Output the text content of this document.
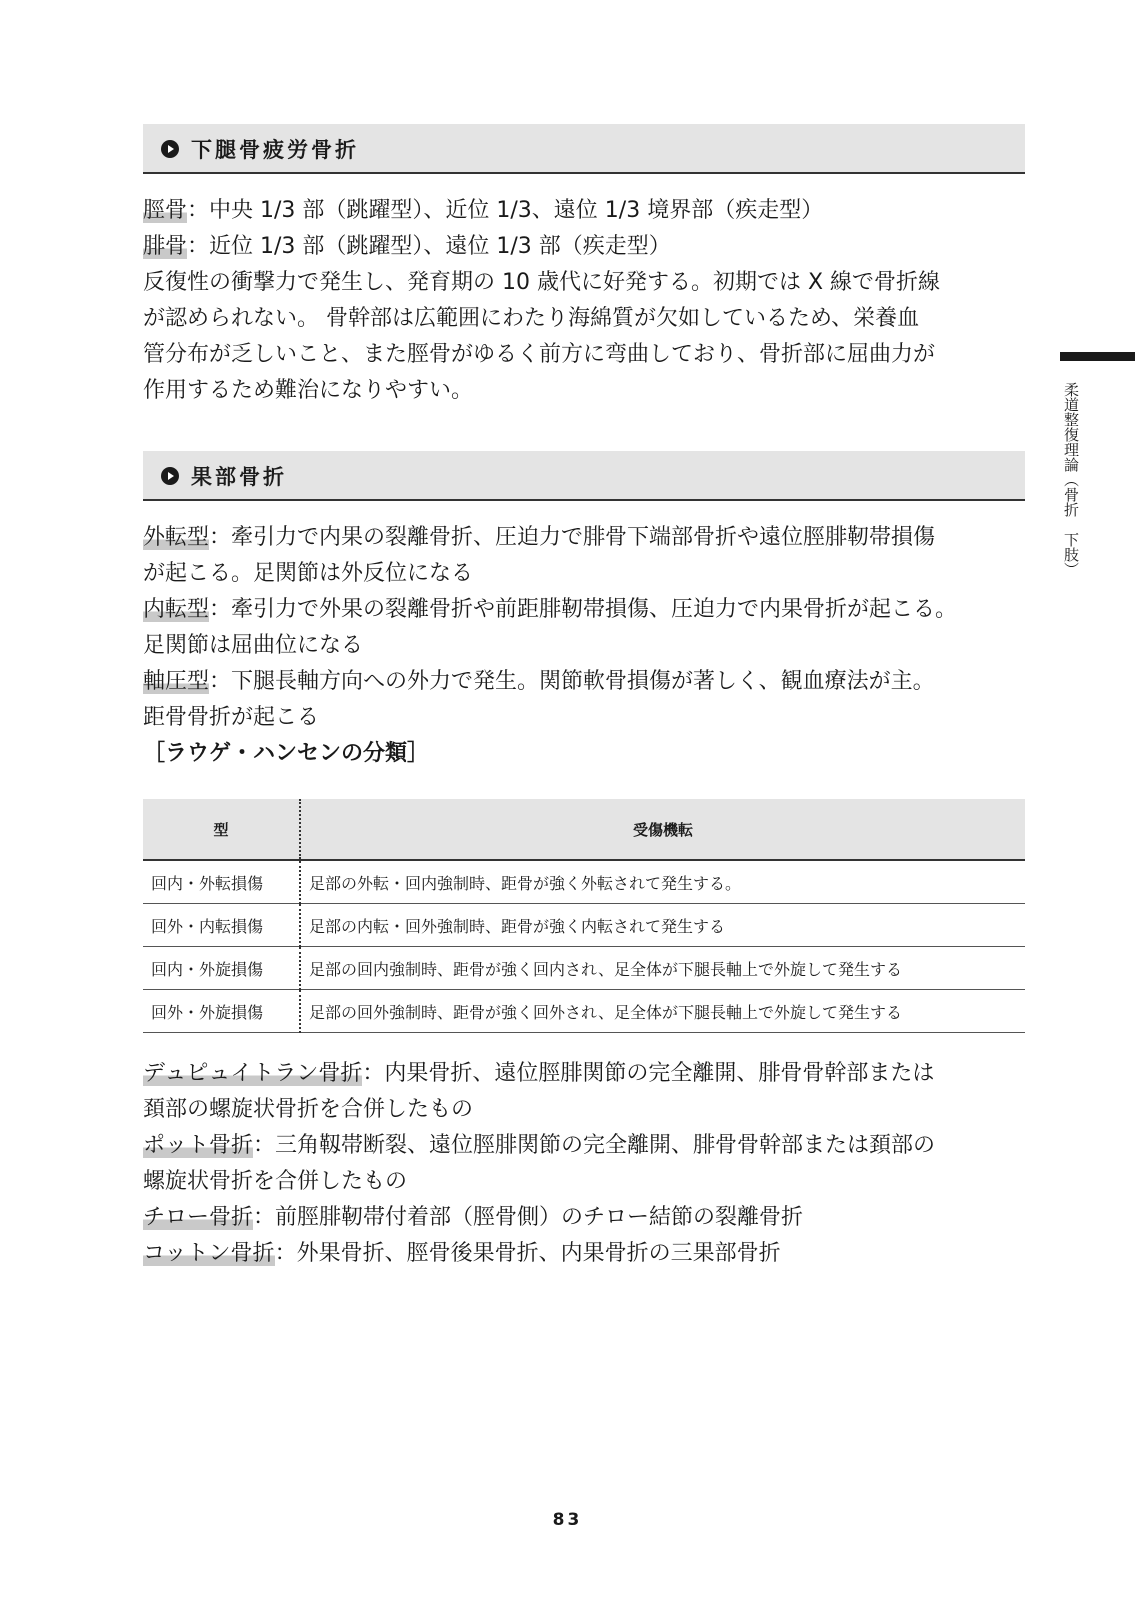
下腿骨疲労骨折
脛骨：中央 1/3 部（跳躍型）、近位 1/3、遠位 1/3 境界部（疾走型）
腓骨：近位 1/3 部（跳躍型）、遠位 1/3 部（疾走型）
反復性の衝撃力で発生し、発育期の 10 歳代に好発する。初期では X 線で骨折線
が認められない。 骨幹部は広範囲にわたり海綿質が欠如しているため、栄養血
管分布が乏しいこと、また脛骨がゆるく前方に弯曲しており、骨折部に屈曲力が
作用するため難治になりやすい。
果部骨折
外転型：牽引力で内果の裂離骨折、圧迫力で腓骨下端部骨折や遠位脛腓靭帯損傷
が起こる。足関節は外反位になる
内転型：牽引力で外果の裂離骨折や前距腓靭帯損傷、圧迫力で内果骨折が起こる。
足関節は屈曲位になる
軸圧型：下腿長軸方向への外力で発生。関節軟骨損傷が著しく、観血療法が主。
距骨骨折が起こる
［ラウゲ・ハンセンの分類］
型	受傷機転
回内・外転損傷	足部の外転・回内強制時、距骨が強く外転されて発生する。
回外・内転損傷	足部の内転・回外強制時、距骨が強く内転されて発生する
回内・外旋損傷	足部の回内強制時、距骨が強く回内され、足全体が下腿長軸上で外旋して発生する
回外・外旋損傷	足部の回外強制時、距骨が強く回外され、足全体が下腿長軸上で外旋して発生する
デュピュイトラン骨折：内果骨折、遠位脛腓関節の完全離開、腓骨骨幹部または
頚部の螺旋状骨折を合併したもの
ポット骨折：三角靱帯断裂、遠位脛腓関節の完全離開、腓骨骨幹部または頚部の
螺旋状骨折を合併したもの
チロー骨折：前脛腓靭帯付着部（脛骨側）のチロー結節の裂離骨折
コットン骨折：外果骨折、脛骨後果骨折、内果骨折の三果部骨折
柔道整復理論（骨折　下肢）
83
